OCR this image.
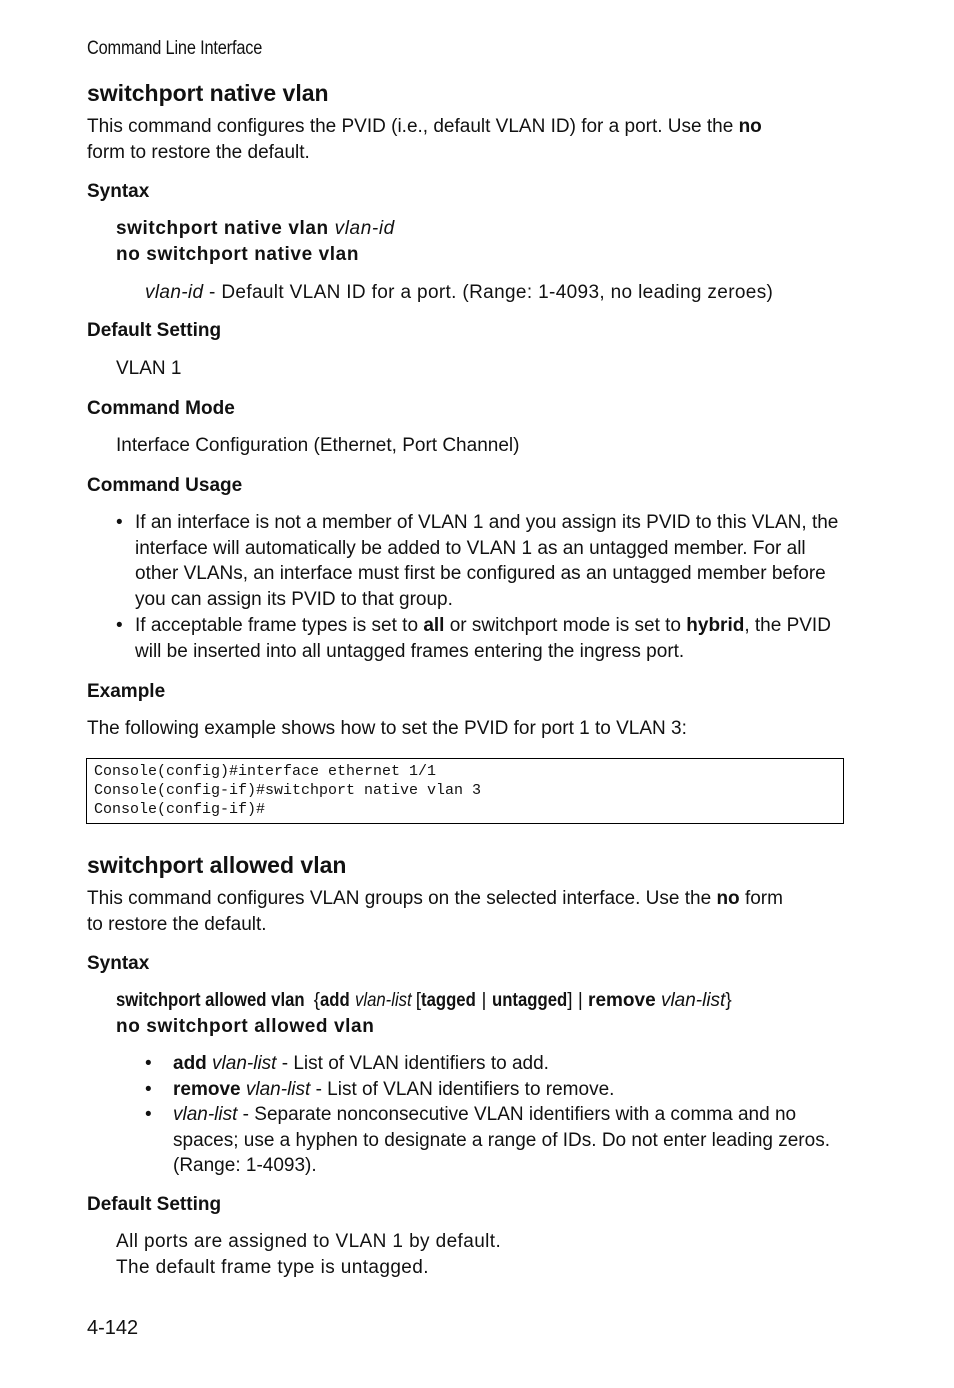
Command Line Interface
switchport native vlan
This command configures the PVID (i.e., default VLAN ID) for a port. Use the no
form to restore the default.
Syntax
switchport native vlan vlan-id
no switchport native vlan
vlan-id - Default VLAN ID for a port. (Range: 1-4093, no leading zeroes)
Default Setting
VLAN 1
Command Mode
Interface Configuration (Ethernet, Port Channel)
Command Usage
• If an interface is not a member of VLAN 1 and you assign its PVID to this VLAN, the interface will automatically be added to VLAN 1 as an untagged member. For all other VLANs, an interface must first be configured as an untagged member before you can assign its PVID to that group.
• If acceptable frame types is set to all or switchport mode is set to hybrid, the PVID will be inserted into all untagged frames entering the ingress port.
Example
The following example shows how to set the PVID for port 1 to VLAN 3:
Console(config)#interface ethernet 1/1
Console(config-if)#switchport native vlan 3
Console(config-if)#
switchport allowed vlan
This command configures VLAN groups on the selected interface. Use the no form
to restore the default.
Syntax
switchport allowed vlan {add vlan-list [tagged | untagged] | remove vlan-list}
no switchport allowed vlan
• add vlan-list - List of VLAN identifiers to add.
• remove vlan-list - List of VLAN identifiers to remove.
• vlan-list - Separate nonconsecutive VLAN identifiers with a comma and no spaces; use a hyphen to designate a range of IDs. Do not enter leading zeros. (Range: 1-4093).
Default Setting
All ports are assigned to VLAN 1 by default.
The default frame type is untagged.
4-142
